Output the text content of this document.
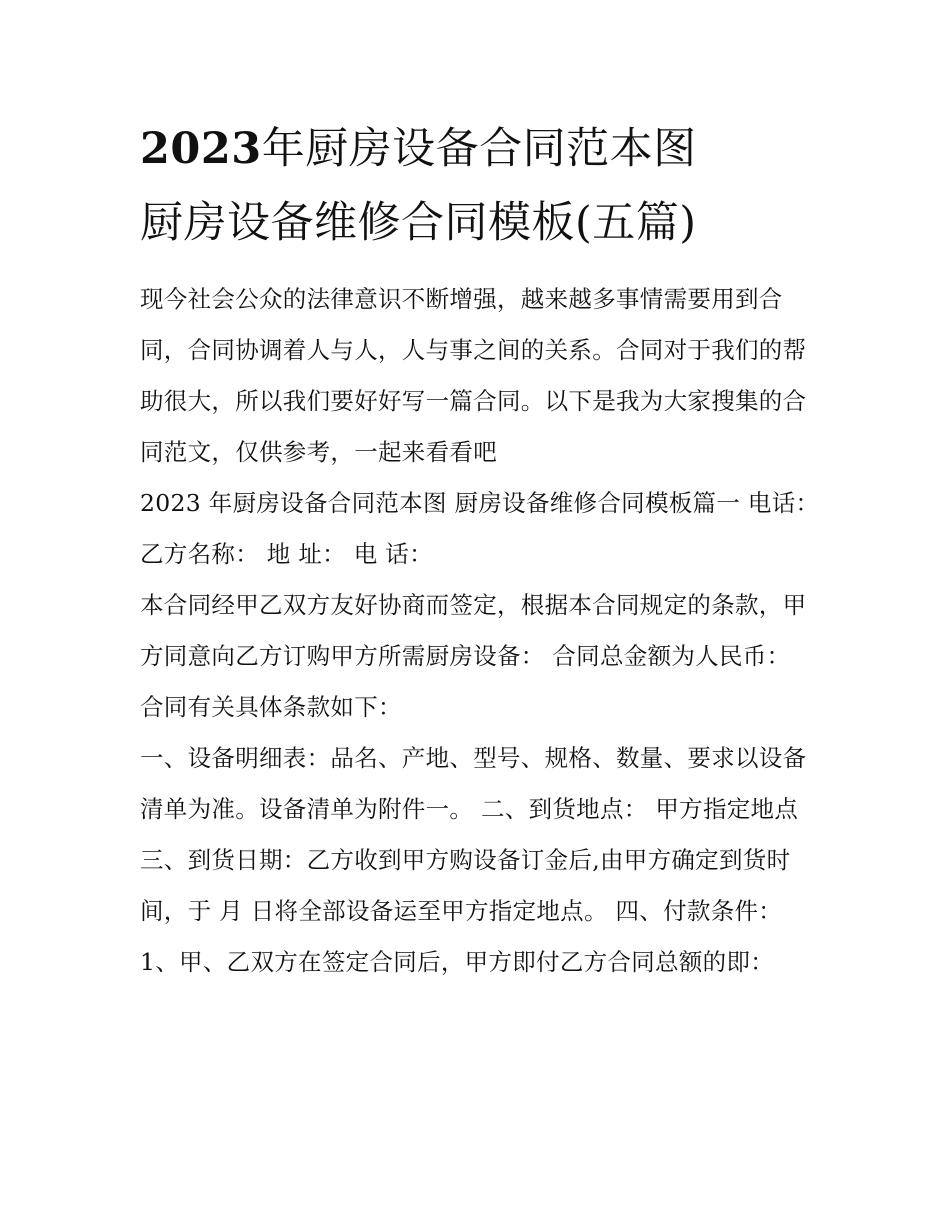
2023年厨房设备合同范本图
厨房设备维修合同模板(五篇)

现今社会公众的法律意识不断增强，越来越多事情需要用到合同，合同协调着人与人，人与事之间的关系。合同对于我们的帮助很大，所以我们要好好写一篇合同。以下是我为大家搜集的合同范文，仅供参考，一起来看看吧

2023 年厨房设备合同范本图 厨房设备维修合同模板篇一 电话： 乙方名称： 地 址： 电 话：

本合同经甲乙双方友好协商而签定，根据本合同规定的条款，甲方同意向乙方订购甲方所需厨房设备： 合同总金额为人民币： 合同有关具体条款如下：

一、设备明细表：品名、产地、型号、规格、数量、要求以设备清单为准。设备清单为附件一。 二、到货地点： 甲方指定地点

三、到货日期：乙方收到甲方购设备订金后,由甲方确定到货时间，于 月 日将全部设备运至甲方指定地点。 四、付款条件：

1、甲、乙双方在签定合同后，甲方即付乙方合同总额的即：
